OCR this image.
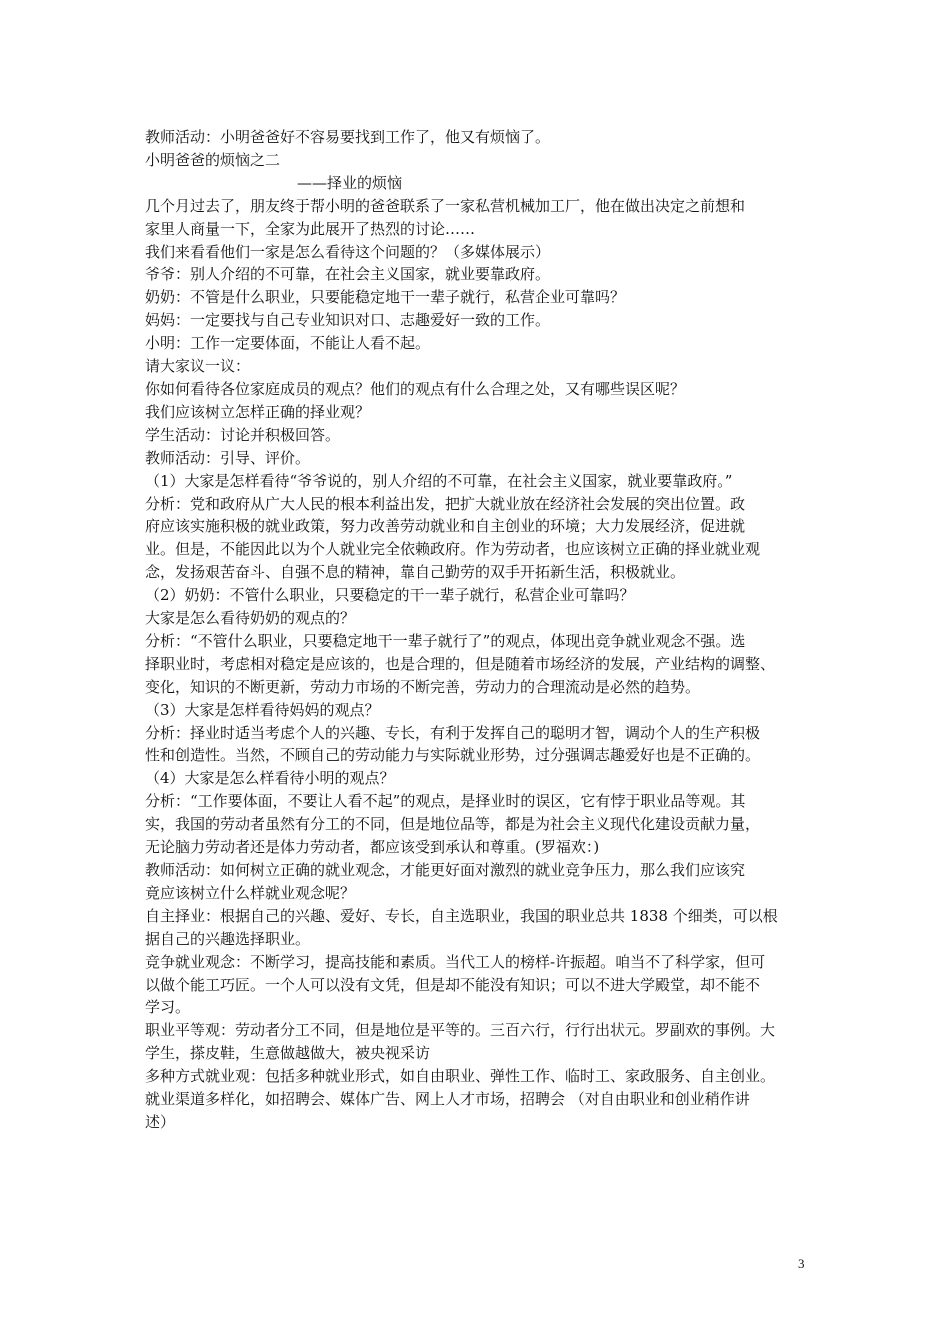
教师活动：小明爸爸好不容易要找到工作了，他又有烦恼了。
小明爸爸的烦恼之二
——择业的烦恼
几个月过去了，朋友终于帮小明的爸爸联系了一家私营机械加工厂，他在做出决定之前想和
家里人商量一下，全家为此展开了热烈的讨论……
我们来看看他们一家是怎么看待这个问题的？（多媒体展示）
爷爷：别人介绍的不可靠，在社会主义国家，就业要靠政府。
奶奶：不管是什么职业，只要能稳定地干一辈子就行，私营企业可靠吗？
妈妈：一定要找与自己专业知识对口、志趣爱好一致的工作。
小明：工作一定要体面，不能让人看不起。
请大家议一议：
你如何看待各位家庭成员的观点？他们的观点有什么合理之处，又有哪些误区呢？
我们应该树立怎样正确的择业观？
学生活动：讨论并积极回答。
教师活动：引导、评价。
（1）大家是怎样看待“爷爷说的，别人介绍的不可靠，在社会主义国家，就业要靠政府。”
分析：党和政府从广大人民的根本利益出发，把扩大就业放在经济社会发展的突出位置。政
府应该实施积极的就业政策，努力改善劳动就业和自主创业的环境；大力发展经济，促进就
业。但是，不能因此以为个人就业完全依赖政府。作为劳动者，也应该树立正确的择业就业观
念，发扬艰苦奋斗、自强不息的精神，靠自己勤劳的双手开拓新生活，积极就业。
（2）奶奶：不管什么职业，只要稳定的干一辈子就行，私营企业可靠吗？
大家是怎么看待奶奶的观点的？
分析：“不管什么职业，只要稳定地干一辈子就行了”的观点，体现出竞争就业观念不强。选
择职业时，考虑相对稳定是应该的，也是合理的，但是随着市场经济的发展，产业结构的调整、
变化，知识的不断更新，劳动力市场的不断完善，劳动力的合理流动是必然的趋势。
（3）大家是怎样看待妈妈的观点？
分析：择业时适当考虑个人的兴趣、专长，有利于发挥自己的聪明才智，调动个人的生产积极
性和创造性。当然，不顾自己的劳动能力与实际就业形势，过分强调志趣爱好也是不正确的。
（4）大家是怎么样看待小明的观点？
分析：“工作要体面，不要让人看不起”的观点，是择业时的误区，它有悖于职业品等观。其
实，我国的劳动者虽然有分工的不同，但是地位品等，都是为社会主义现代化建设贡献力量，
无论脑力劳动者还是体力劳动者，都应该受到承认和尊重。(罗福欢：)
教师活动：如何树立正确的就业观念，才能更好面对激烈的就业竞争压力，那么我们应该究
竟应该树立什么样就业观念呢？
自主择业：根据自己的兴趣、爱好、专长，自主选职业，我国的职业总共 1838 个细类，可以根
据自己的兴趣选择职业。
竞争就业观念：不断学习，提高技能和素质。当代工人的榜样-许振超。咱当不了科学家，但可
以做个能工巧匠。一个人可以没有文凭，但是却不能没有知识；可以不进大学殿堂，却不能不
学习。
职业平等观：劳动者分工不同，但是地位是平等的。三百六行，行行出状元。罗副欢的事例。大
学生，搽皮鞋，生意做越做大，被央视采访
多种方式就业观：包括多种就业形式，如自由职业、弹性工作、临时工、家政服务、自主创业。
就业渠道多样化，如招聘会、媒体广告、网上人才市场，招聘会 （对自由职业和创业稍作讲
述）
3
